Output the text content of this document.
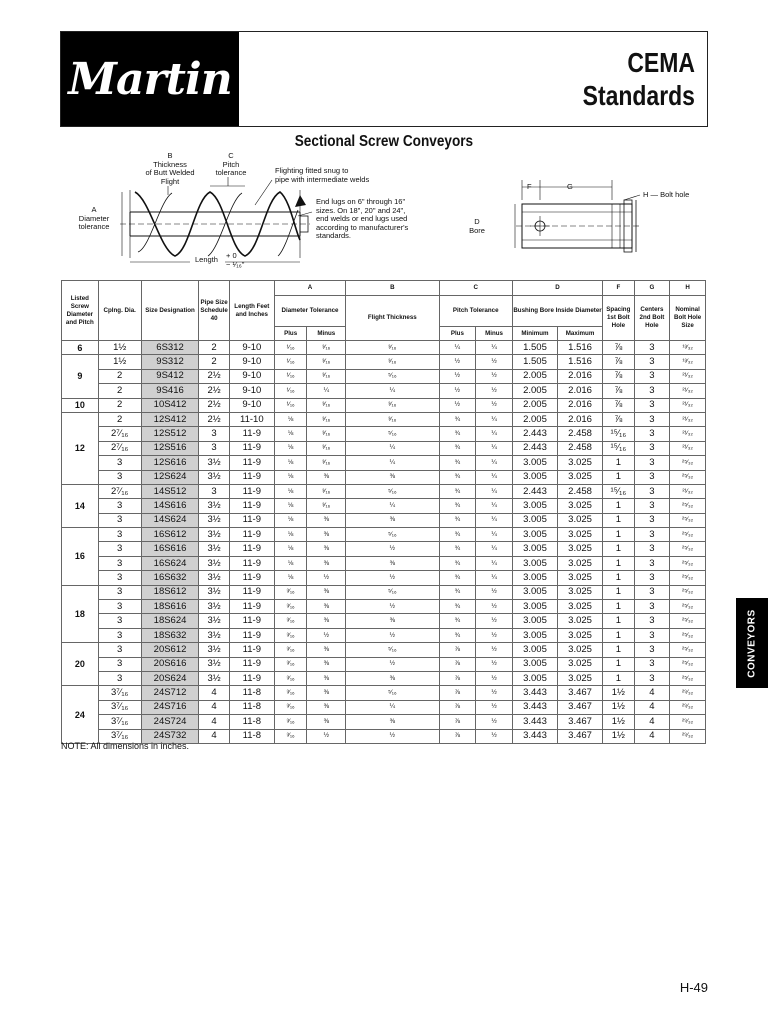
Martin	CEMA
Standards
Sectional Screw Conveyors
B
Thickness
of Butt Welded
Flight
C
Pitch
tolerance	Flighting fitted snug to
pipe with intermediate welds
A
Diameter
tolerance
End lugs on 6" through 16"
sizes. On 18", 20" and 24",
end welds or end lugs used
according to manufacturer's
standards.
Length + 0
− ¹⁄₁₆"
F	G
H — Bolt hole
D
Bore
Listed Screw Diameter and Pitch	Cplng. Dia.	Size Designation	Pipe Size Schedule 40	Length Feet and Inches	A		B	C		D		F	G	H
					Diameter Tolerance		Flight Thickness	Pitch Tolerance		Bushing Bore Inside Diameter		Spacing 1st Bolt Hole	Centers 2nd Bolt Hole	Nominal Bolt Hole Size
					Plus	Minus		Plus	Minus	Minimum	Maximum			
6	1½	6S312	2	9-10	¹⁄₁₆	³⁄₁₆	³⁄₁₆	¼	¼	1.505	1.516	⅞	3	¹³⁄₃₂
9	1½	9S312	2	9-10	¹⁄₁₆	³⁄₁₆	³⁄₁₆	½	½	1.505	1.516	⅞	3	¹³⁄₃₂
	2	9S412	2½	9-10	¹⁄₁₆	³⁄₁₆	⁵⁄₁₆	½	½	2.005	2.016	⅞	3	²¹⁄₃₂
	2	9S416	2½	9-10	¹⁄₁₆	¼	¼	½	½	2.005	2.016	⅞	3	²¹⁄₃₂
10	2	10S412	2½	9-10	¹⁄₁₆	³⁄₁₆	³⁄₁₆	½	½	2.005	2.016	⅞	3	²¹⁄₃₂
12	2	12S412	2½	11-10	⅛	³⁄₁₆	³⁄₁₆	¾	¼	2.005	2.016	⅞	3	²¹⁄₃₂
	2⁷⁄₁₆	12S512	3	11-9	⅛	³⁄₁₆	⁵⁄₁₆	¾	¼	2.443	2.458	¹⁵⁄₁₆	3	²¹⁄₃₂
	2⁷⁄₁₆	12S516	3	11-9	⅛	³⁄₁₆	¼	¾	¼	2.443	2.458	¹⁵⁄₁₆	3	²¹⁄₃₂
	3	12S616	3½	11-9	⅛	³⁄₁₆	¼	¾	¼	3.005	3.025	1	3	²⁵⁄₃₂
	3	12S624	3½	11-9	⅛	⅜	⅜	¾	¼	3.005	3.025	1	3	²⁵⁄₃₂
14	2⁷⁄₁₆	14S512	3	11-9	⅛	³⁄₁₆	⁵⁄₁₆	¾	¼	2.443	2.458	¹⁵⁄₁₆	3	²¹⁄₃₂
	3	14S616	3½	11-9	⅛	³⁄₁₆	¼	¾	¼	3.005	3.025	1	3	²⁵⁄₃₂
	3	14S624	3½	11-9	⅛	⅜	⅜	¾	¼	3.005	3.025	1	3	²⁵⁄₃₂
16	3	16S612	3½	11-9	⅛	⅜	⁵⁄₁₆	¾	¼	3.005	3.025	1	3	²⁵⁄₃₂
	3	16S616	3½	11-9	⅛	⅜	½	¾	¼	3.005	3.025	1	3	²⁵⁄₃₂
	3	16S624	3½	11-9	⅛	⅜	⅜	¾	¼	3.005	3.025	1	3	²⁵⁄₃₂
	3	16S632	3½	11-9	⅛	½	½	¾	¼	3.005	3.025	1	3	²⁵⁄₃₂
18	3	18S612	3½	11-9	³⁄₁₆	⅜	⁵⁄₁₆	¾	½	3.005	3.025	1	3	²⁵⁄₃₂
	3	18S616	3½	11-9	³⁄₁₆	⅜	½	¾	½	3.005	3.025	1	3	²⁵⁄₃₂
	3	18S624	3½	11-9	³⁄₁₆	⅜	⅜	¾	½	3.005	3.025	1	3	²⁵⁄₃₂
	3	18S632	3½	11-9	³⁄₁₆	½	½	¾	½	3.005	3.025	1	3	²⁵⁄₃₂
20	3	20S612	3½	11-9	³⁄₁₆	⅜	⁵⁄₁₆	⅞	½	3.005	3.025	1	3	²⁵⁄₃₂
	3	20S616	3½	11-9	³⁄₁₆	⅜	½	⅞	½	3.005	3.025	1	3	²⁵⁄₃₂
	3	20S624	3½	11-9	³⁄₁₆	⅜	⅜	⅞	½	3.005	3.025	1	3	²⁵⁄₃₂
24	3⁷⁄₁₆	24S712	4	11-8	³⁄₁₆	⅜	⁵⁄₁₆	⅞	½	3.443	3.467	1½	4	²⁹⁄₃₂
	3⁷⁄₁₆	24S716	4	11-8	³⁄₁₆	⅜	¼	⅞	½	3.443	3.467	1½	4	²⁹⁄₃₂
	3⁷⁄₁₆	24S724	4	11-8	³⁄₁₆	⅜	⅜	⅞	½	3.443	3.467	1½	4	²⁹⁄₃₂
	3⁷⁄₁₆	24S732	4	11-8	³⁄₁₆	½	½	⅞	½	3.443	3.467	1½	4	²⁹⁄₃₂
NOTE: All dimensions in inches.
CONVEYORS
H-49
